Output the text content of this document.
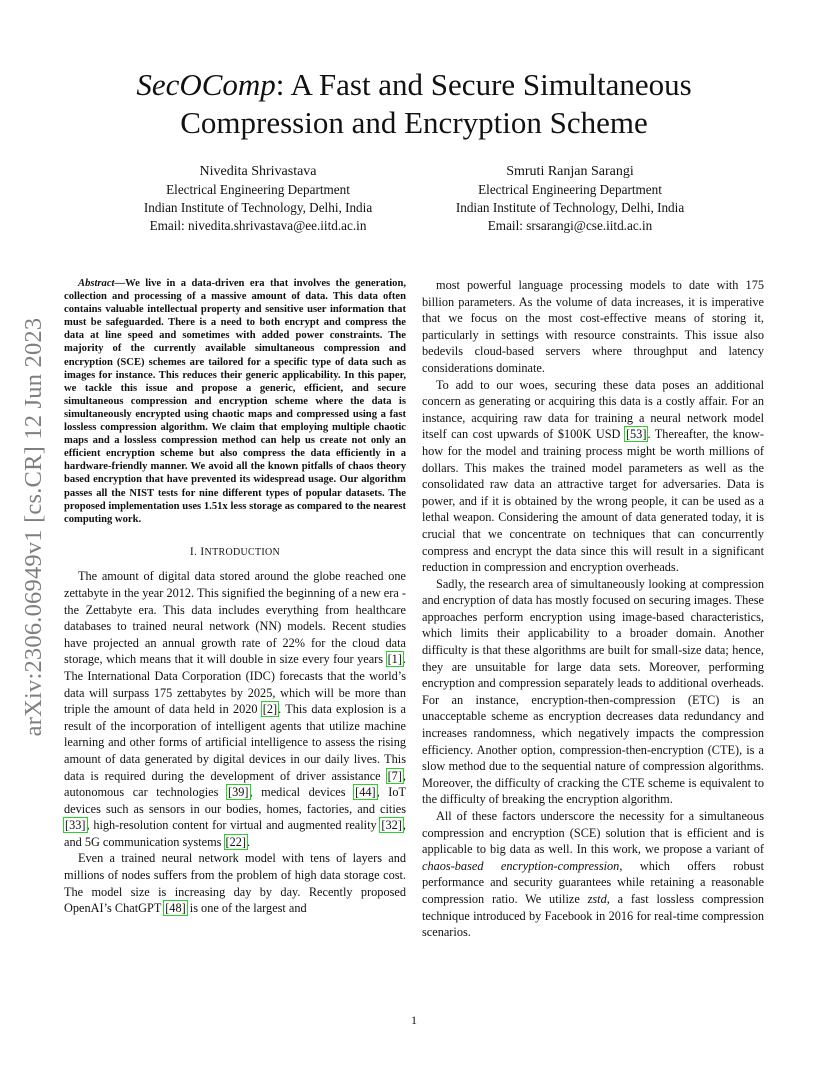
arXiv:2306.06949v1 [cs.CR] 12 Jun 2023
SecOComp: A Fast and Secure Simultaneous
Compression and Encryption Scheme
Nivedita Shrivastava
Electrical Engineering Department
Indian Institute of Technology, Delhi, India
Email: nivedita.shrivastava@ee.iitd.ac.in
Smruti Ranjan Sarangi
Electrical Engineering Department
Indian Institute of Technology, Delhi, India
Email: srsarangi@cse.iitd.ac.in

Abstract—We live in a data-driven era that involves the generation, collection and processing of a massive amount of data. This data often contains valuable intellectual property and sensitive user information that must be safeguarded. There is a need to both encrypt and compress the data at line speed and sometimes with added power constraints. The majority of the currently available simultaneous compression and encryption (SCE) schemes are tailored for a specific type of data such as images for instance. This reduces their generic applicability. In this paper, we tackle this issue and propose a generic, efficient, and secure simultaneous compression and encryption scheme where the data is simultaneously encrypted using chaotic maps and compressed using a fast lossless compression algorithm. We claim that employing multiple chaotic maps and a lossless compression method can help us create not only an efficient encryption scheme but also compress the data efficiently in a hardware-friendly manner. We avoid all the known pitfalls of chaos theory based encryption that have prevented its widespread usage. Our algorithm passes all the NIST tests for nine different types of popular datasets. The proposed implementation uses 1.51x less storage as compared to the nearest computing work.

I. INTRODUCTION

The amount of digital data stored around the globe reached one zettabyte in the year 2012. This signified the beginning of a new era - the Zettabyte era. This data includes everything from healthcare databases to trained neural network (NN) models. Recent studies have projected an annual growth rate of 22% for the cloud data storage, which means that it will double in size every four years [1]. The International Data Corporation (IDC) forecasts that the world’s data will surpass 175 zettabytes by 2025, which will be more than triple the amount of data held in 2020 [2]. This data explosion is a result of the incorporation of intelligent agents that utilize machine learning and other forms of artificial intelligence to assess the rising amount of data generated by digital devices in our daily lives. This data is required during the development of driver assistance [7], autonomous car technologies [39], medical devices [44], IoT devices such as sensors in our bodies, homes, factories, and cities [33], high-resolution content for virtual and augmented reality [32], and 5G communication systems [22].

Even a trained neural network model with tens of layers and millions of nodes suffers from the problem of high data storage cost. The model size is increasing day by day. Recently proposed OpenAI’s ChatGPT [48] is one of the largest and

most powerful language processing models to date with 175 billion parameters. As the volume of data increases, it is imperative that we focus on the most cost-effective means of storing it, particularly in settings with resource constraints. This issue also bedevils cloud-based servers where throughput and latency considerations dominate.

To add to our woes, securing these data poses an additional concern as generating or acquiring this data is a costly affair. For an instance, acquiring raw data for training a neural network model itself can cost upwards of $100K USD [53]. Thereafter, the know-how for the model and training process might be worth millions of dollars. This makes the trained model parameters as well as the consolidated raw data an attractive target for adversaries. Data is power, and if it is obtained by the wrong people, it can be used as a lethal weapon. Considering the amount of data generated today, it is crucial that we concentrate on techniques that can concurrently compress and encrypt the data since this will result in a significant reduction in compression and encryption overheads.

Sadly, the research area of simultaneously looking at compression and encryption of data has mostly focused on securing images. These approaches perform encryption using image-based characteristics, which limits their applicability to a broader domain. Another difficulty is that these algorithms are built for small-size data; hence, they are unsuitable for large data sets. Moreover, performing encryption and compression separately leads to additional overheads. For an instance, encryption-then-compression (ETC) is an unacceptable scheme as encryption decreases data redundancy and increases randomness, which negatively impacts the compression efficiency. Another option, compression-then-encryption (CTE), is a slow method due to the sequential nature of compression algorithms. Moreover, the difficulty of cracking the CTE scheme is equivalent to the difficulty of breaking the encryption algorithm.

All of these factors underscore the necessity for a simultaneous compression and encryption (SCE) solution that is efficient and is applicable to big data as well. In this work, we propose a variant of chaos-based encryption-compression, which offers robust performance and security guarantees while retaining a reasonable compression ratio. We utilize zstd, a fast lossless compression technique introduced by Facebook in 2016 for real-time compression scenarios.

1
